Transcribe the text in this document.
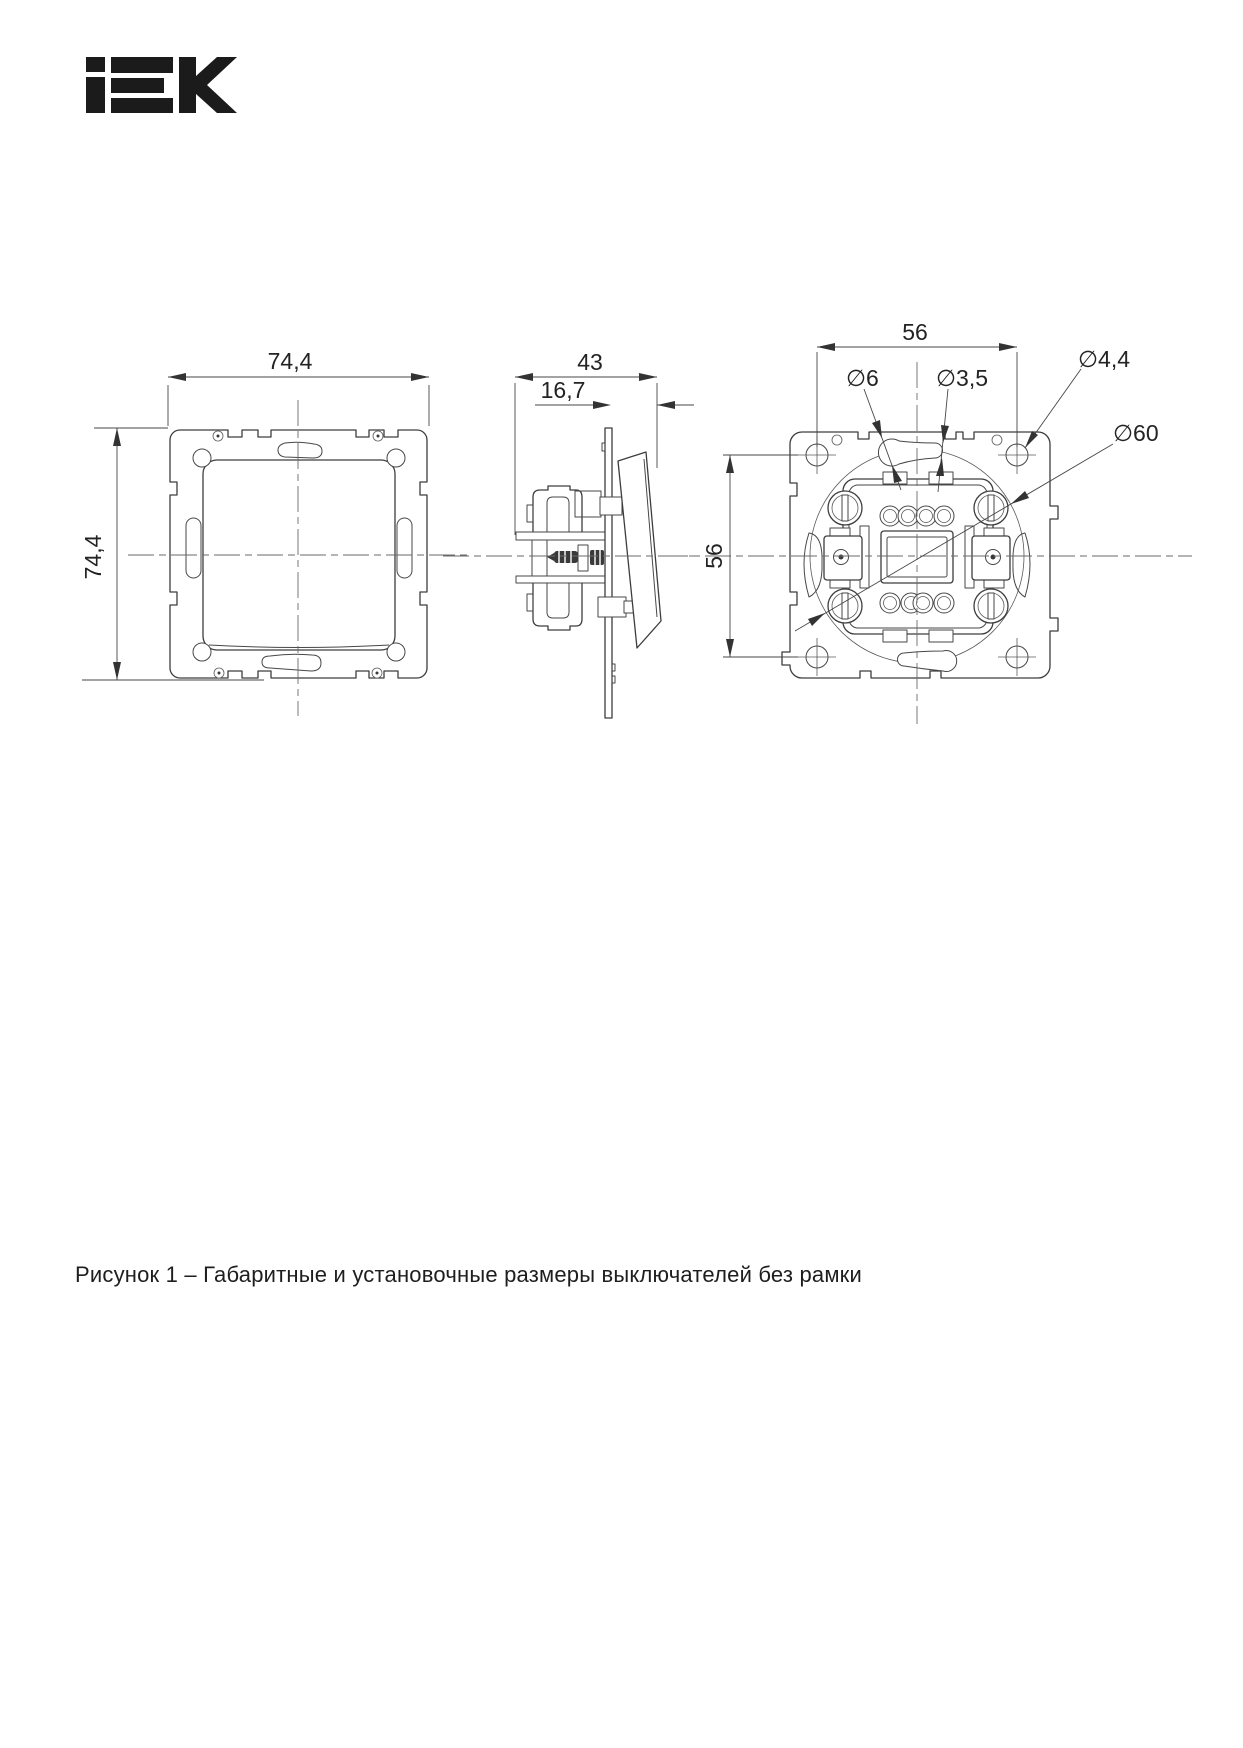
74,4
74,4
43
16,7
56
56
∅6 ∅3,5
∅4,4
∅60
Рисунок 1 – Габаритные и установочные размеры выключателей без рамки
